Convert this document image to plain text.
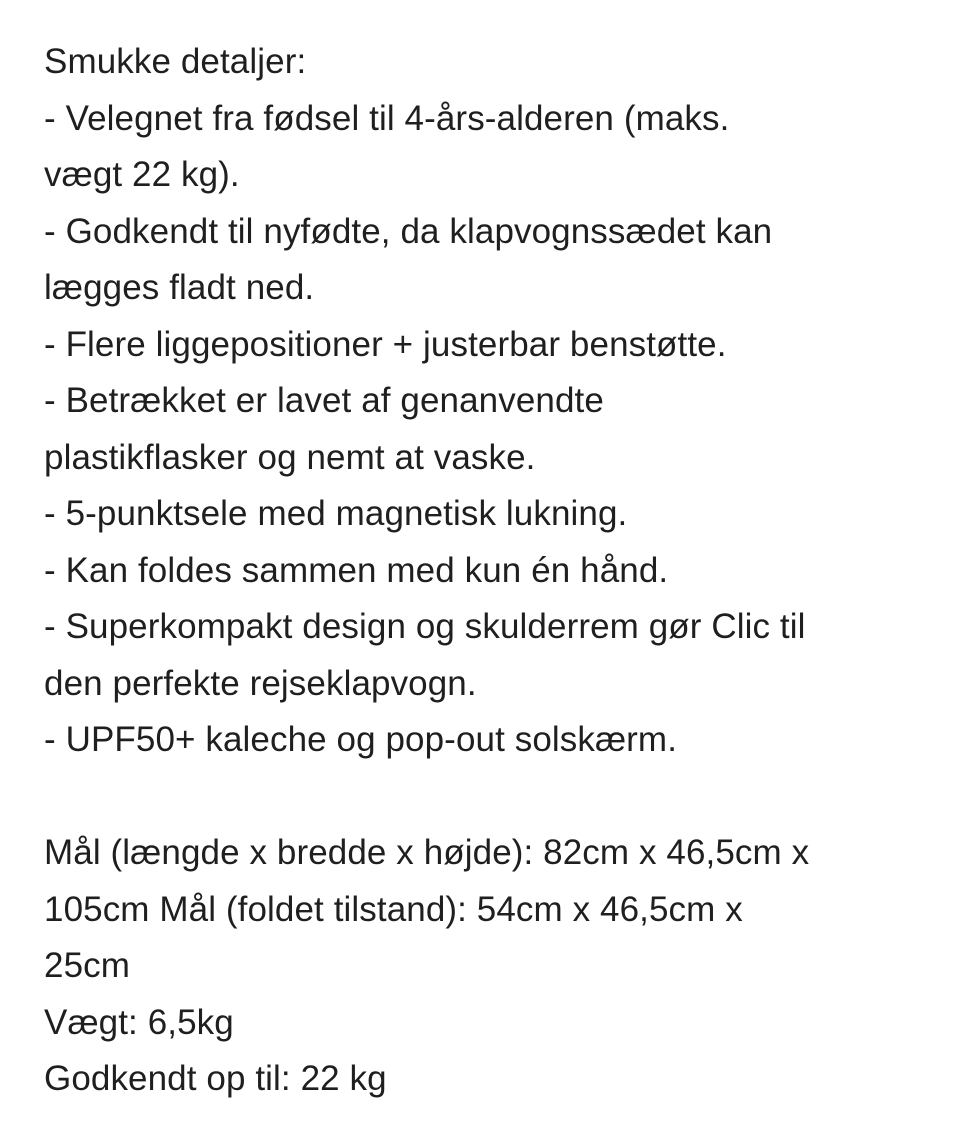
Smukke detaljer:
- Velegnet fra fødsel til 4-års-alderen (maks.
vægt 22 kg).
- Godkendt til nyfødte, da klapvognssædet kan
lægges fladt ned.
- Flere liggepositioner + justerbar benstøtte.
- Betrækket er lavet af genanvendte
plastikflasker og nemt at vaske.
- 5-punktsele med magnetisk lukning.
- Kan foldes sammen med kun én hånd.
- Superkompakt design og skulderrem gør Clic til
den perfekte rejseklapvogn.
- UPF50+ kaleche og pop-out solskærm.
Mål (længde x bredde x højde): 82cm x 46,5cm x
105cm Mål (foldet tilstand): 54cm x 46,5cm x
25cm
Vægt: 6,5kg
Godkendt op til: 22 kg
